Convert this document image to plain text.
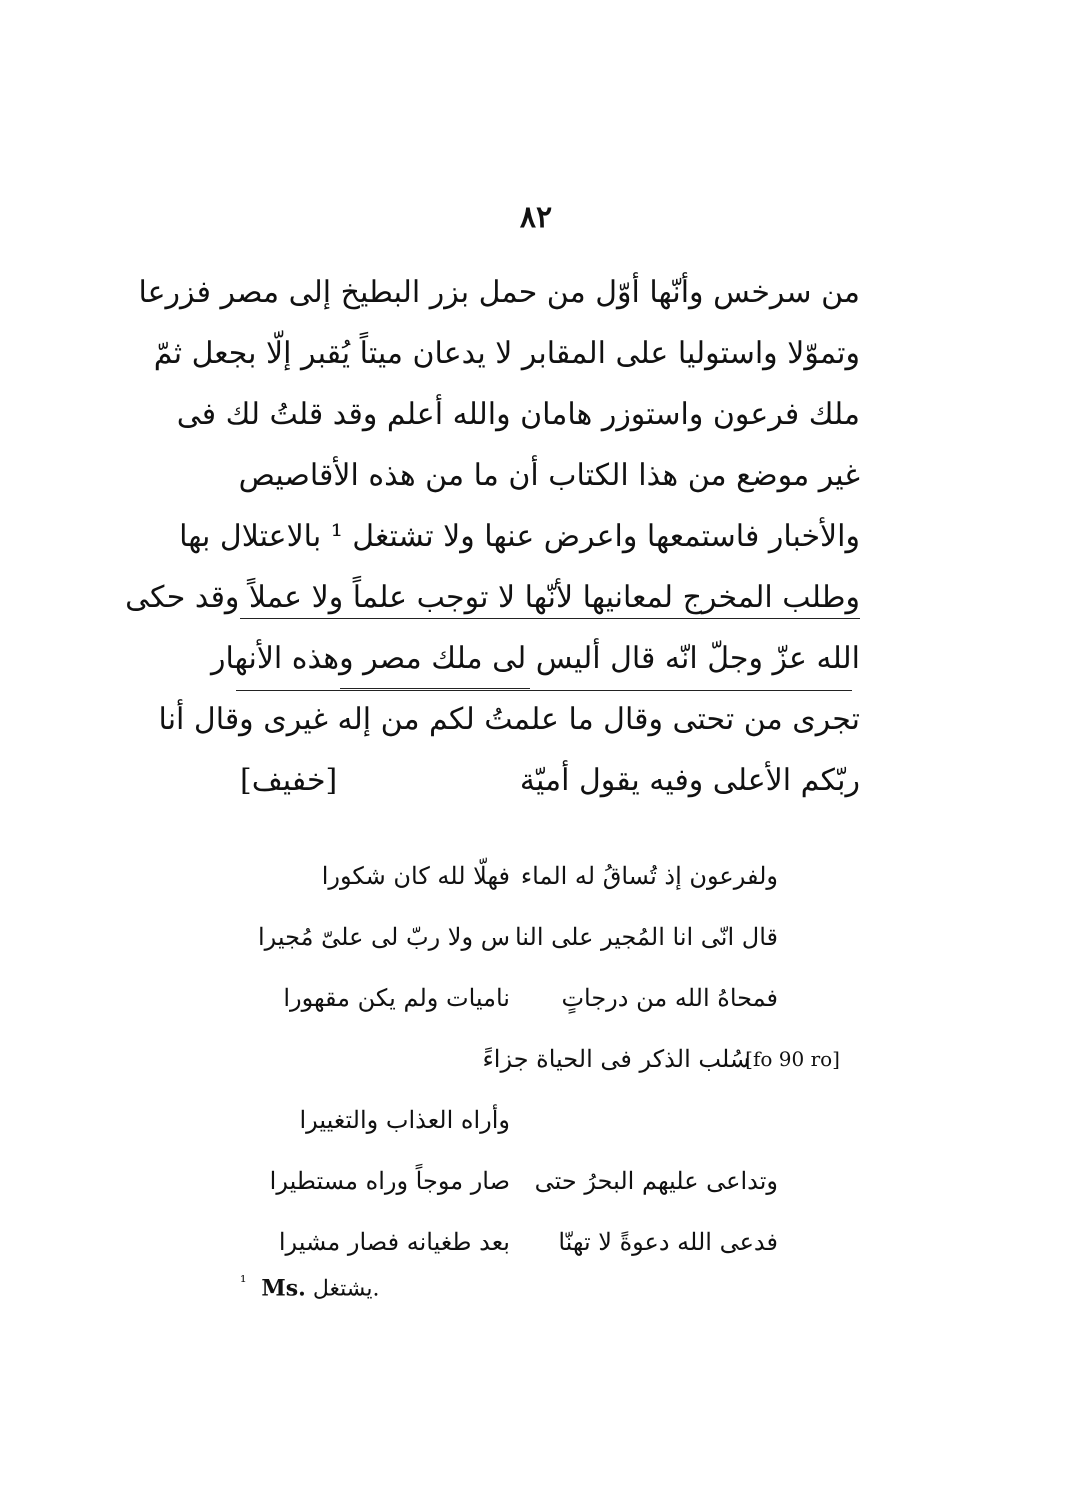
٨٢
من سرخس وأنّها أوّل من حمل بزر البطيخ إلى مصر فزرعا
وتموّلا واستوليا على المقابر لا يدعان ميتاً يُقبر إلّا بجعل ثمّ
ملك فرعون واستوزر هامان والله أعلم وقد قلتُ لك فى
غير موضع من هذا الكتاب أن ما من هذه الأقاصيص
والأخبار فاستمعها واعرض عنها ولا تشتغل ¹ بالاعتلال بها
وطلب المخرج لمعانيها لأنّها لا توجب علماً ولا عملاً وقد حكى
الله عزّ وجلّ انّه قال أليس لى ملك مصر وهذه الأنهار
تجرى من تحتى وقال ما علمتُ لكم من إله غيرى وقال أنا
ربّكم الأعلى وفيه يقول أميّة
[خفيف]
ولفرعون إذ تُساقُ له الماء
فهلّا لله كان شكورا
قال انّى انا المُجير على النا
س ولا ربّ لى علىّ مُجيرا
فمحاهُ الله من درجاتٍ
ناميات ولم يكن مقهورا
[fo 90 ro]
سُلب الذكر فى الحياة جزاءً
وأراه العذاب والتغييرا
وتداعى عليهم البحرُ حتى
صار موجاً وراه مستطيرا
فدعى الله دعوةً لا تهنّا
بعد طغيانه فصار مشيرا
$^{^1}$ Ms. يشتغل.
